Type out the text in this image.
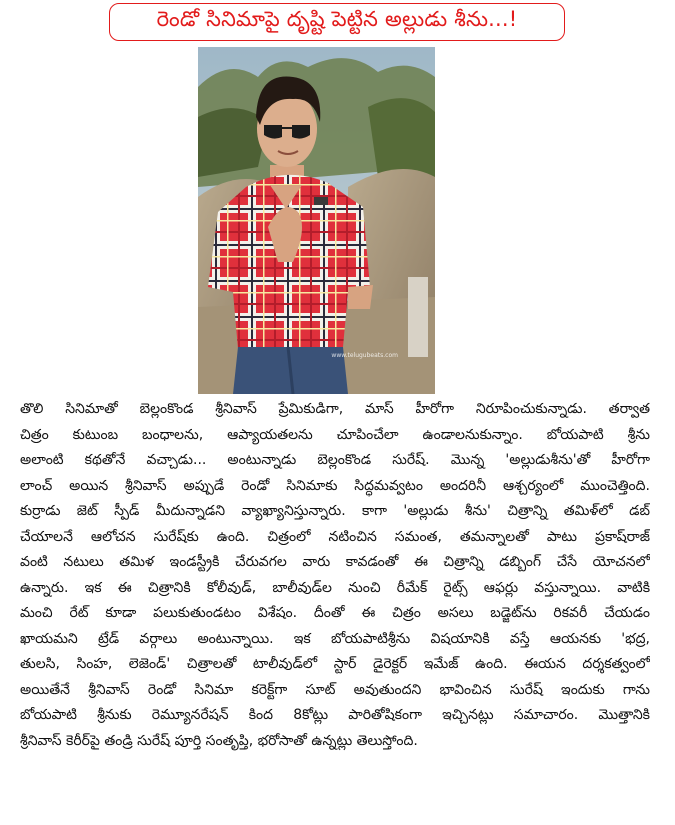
రెండో సినిమాపై దృష్టి పెట్టిన అల్లుడు శీను...!
www.telugubeats.com
తొలి సినిమాతో బెల్లంకొండ శ్రీనివాస్ ప్రేమికుడిగా, మాస్ హీరోగా నిరూపించుకున్నాడు. తర్వాత
చిత్రం కుటుంబ బంధాలను, ఆప్యాయతలను చూపించేలా ఉండాలనుకున్నాం. బోయపాటి శ్రీను
అలాంటి కథతోనే వచ్చాడు... అంటున్నాడు బెల్లంకొండ సురేష్. మొన్న 'అల్లుడుశీను'తో హీరోగా
లాంచ్ అయిన శ్రీనివాస్ అప్పుడే రెండో సినిమాకు సిద్ధమవ్వటం అందరినీ ఆశ్చర్యంలో ముంచెత్తింది.
కుర్రాడు జెట్ స్పీడ్ మీదున్నాడని వ్యాఖ్యానిస్తున్నారు. కాగా 'అల్లుడు శీను' చిత్రాన్ని తమిళ్‌లో డబ్
చేయాలనే ఆలోచన సురేష్‌కు ఉంది. చిత్రంలో నటించిన సమంత, తమన్నాలతో పాటు ప్రకాష్‌రాజ్
వంటి నటులు తమిళ ఇండస్ట్రీకి చేరువగల వారు కావడంతో ఈ చిత్రాన్ని డబ్బింగ్ చేసే యోచనలో
ఉన్నారు. ఇక ఈ చిత్రానికి కోలీవుడ్, బాలీవుడ్‌ల నుంచి రీమేక్ రైట్స్ ఆఫర్లు వస్తున్నాయి. వాటికి
మంచి రేట్ కూడా పలుకుతుండటం విశేషం. దీంతో ఈ చిత్రం అసలు బడ్జెట్‌ను రికవరీ చేయడం
ఖాయమని ట్రేడ్ వర్గాలు అంటున్నాయి. ఇక బోయపాటిశ్రీను విషయానికి వస్తే ఆయనకు 'భద్ర,
తులసి, సింహ, లెజెండ్' చిత్రాలతో టాలీవుడ్‌లో స్టార్ డైరెక్టర్ ఇమేజ్ ఉంది. ఈయన దర్శకత్వంలో
అయితేనే శ్రీనివాస్ రెండో సినిమా కరెక్ట్‌గా సూట్ అవుతుందని భావించిన సురేష్ ఇందుకు గాను
బోయపాటి శ్రీనుకు రెమ్యూనరేషన్ కింద 8కోట్లు పారితోషికంగా ఇచ్చినట్లు సమాచారం. మొత్తానికి
శ్రీనివాస్ కెరీర్‌పై తండ్రి సురేష్ పూర్తి సంతృప్తి, భరోసాతో ఉన్నట్లు తెలుస్తోంది.
